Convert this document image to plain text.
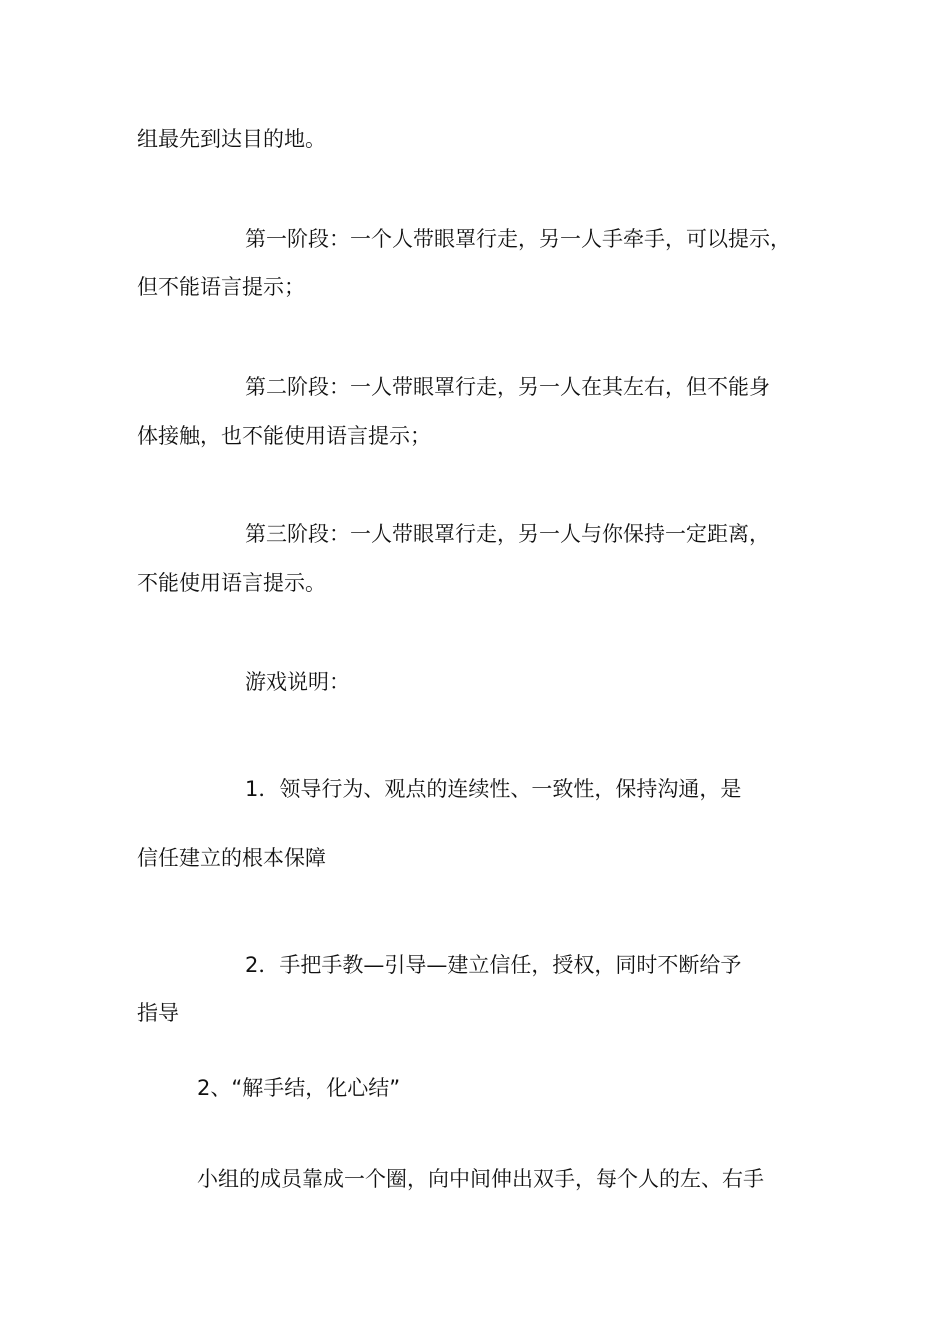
组最先到达目的地。
第一阶段：一个人带眼罩行走，另一人手牵手，可以提示，
但不能语言提示；
第二阶段：一人带眼罩行走，另一人在其左右，但不能身
体接触，也不能使用语言提示；
第三阶段：一人带眼罩行走，另一人与你保持一定距离，
不能使用语言提示。
游戏说明：
1．领导行为、观点的连续性、一致性，保持沟通，是
信任建立的根本保障
2．手把手教—引导—建立信任，授权，同时不断给予
指导
2、“解手结，化心结”
小组的成员靠成一个圈，向中间伸出双手，每个人的左、右手
